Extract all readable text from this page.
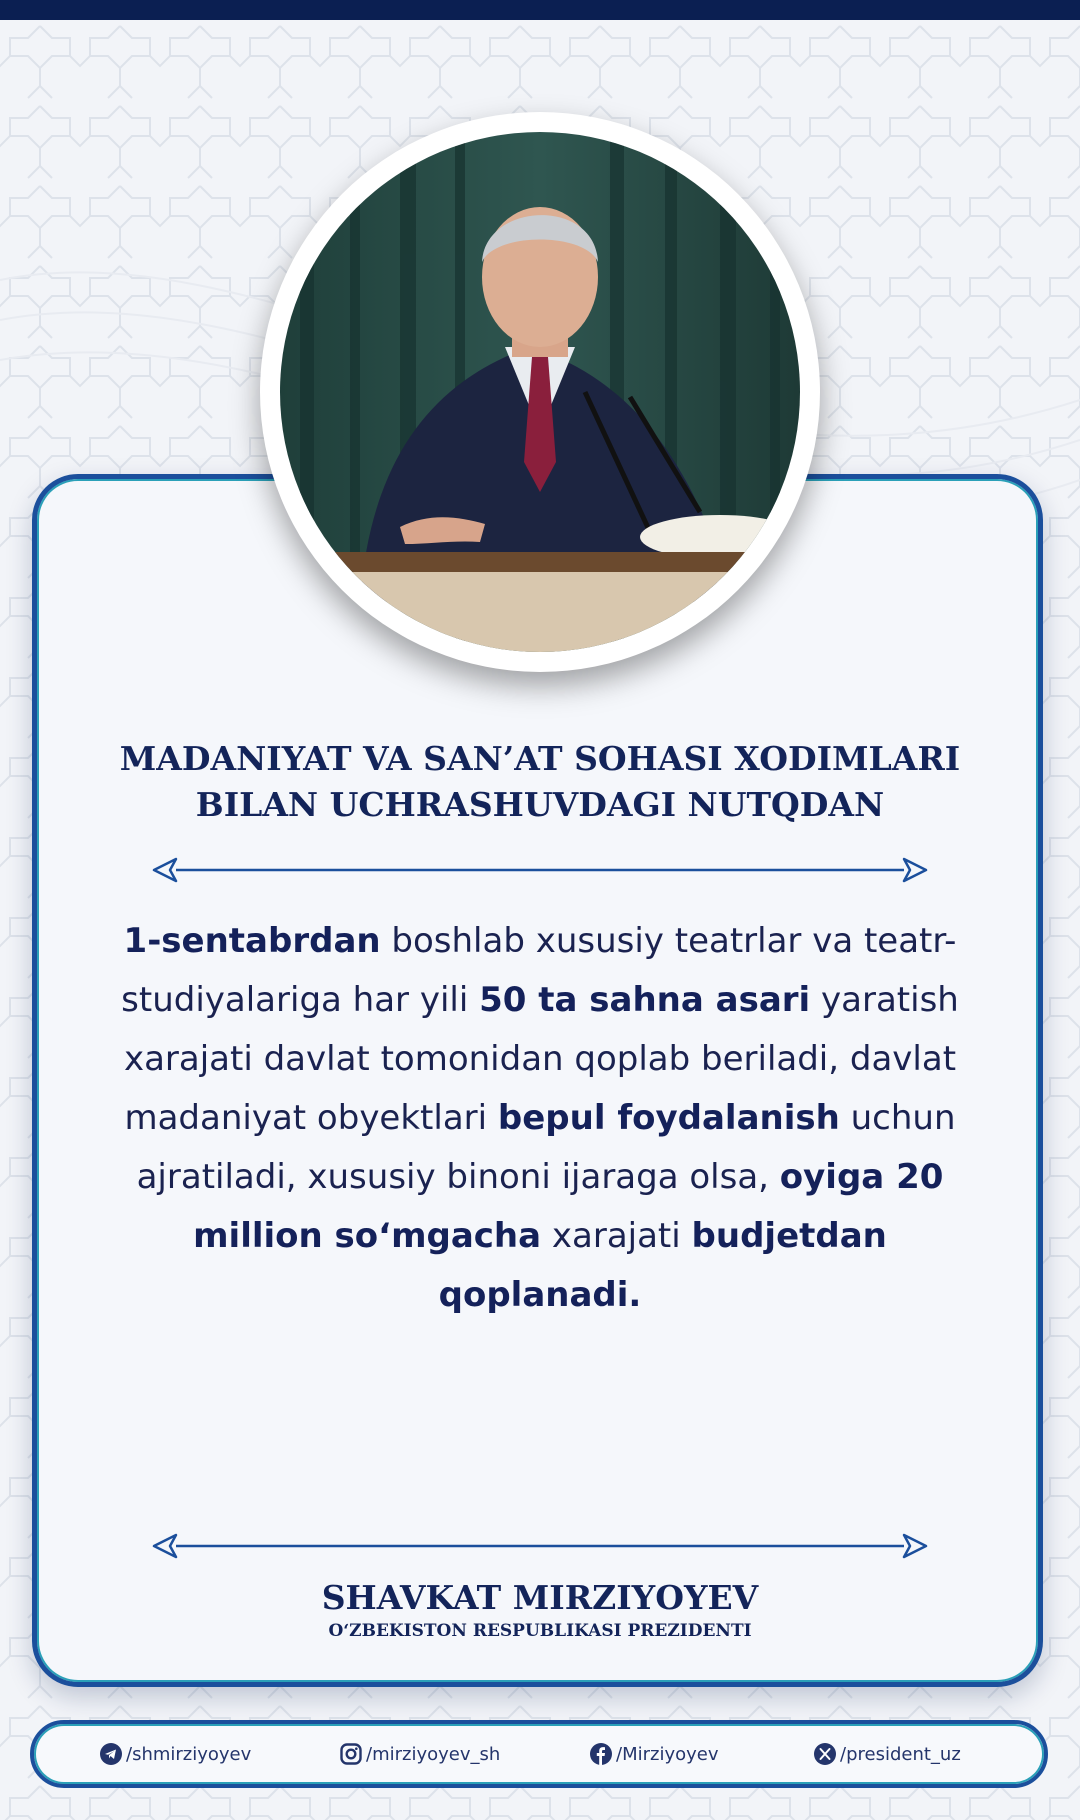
MADANIYAT VA SAN’AT SOHASI XODIMLARI
BILAN UCHRASHUVDAGI NUTQDAN

1-sentabrdan boshlab xususiy teatrlar va teatr-studiyalariga har yili 50 ta sahna asari yaratish xarajati davlat tomonidan qoplab beriladi, davlat madaniyat obyektlari bepul foydalanish uchun ajratiladi, xususiy binoni ijaraga olsa, oyiga 20 million so‘mgacha xarajati budjetdan qoplanadi.

SHAVKAT MIRZIYOYEV

O‘ZBEKISTON RESPUBLIKASI PREZIDENTI

/shmirziyoyev	/mirziyoyev_sh	/Mirziyoyev	/president_uz
